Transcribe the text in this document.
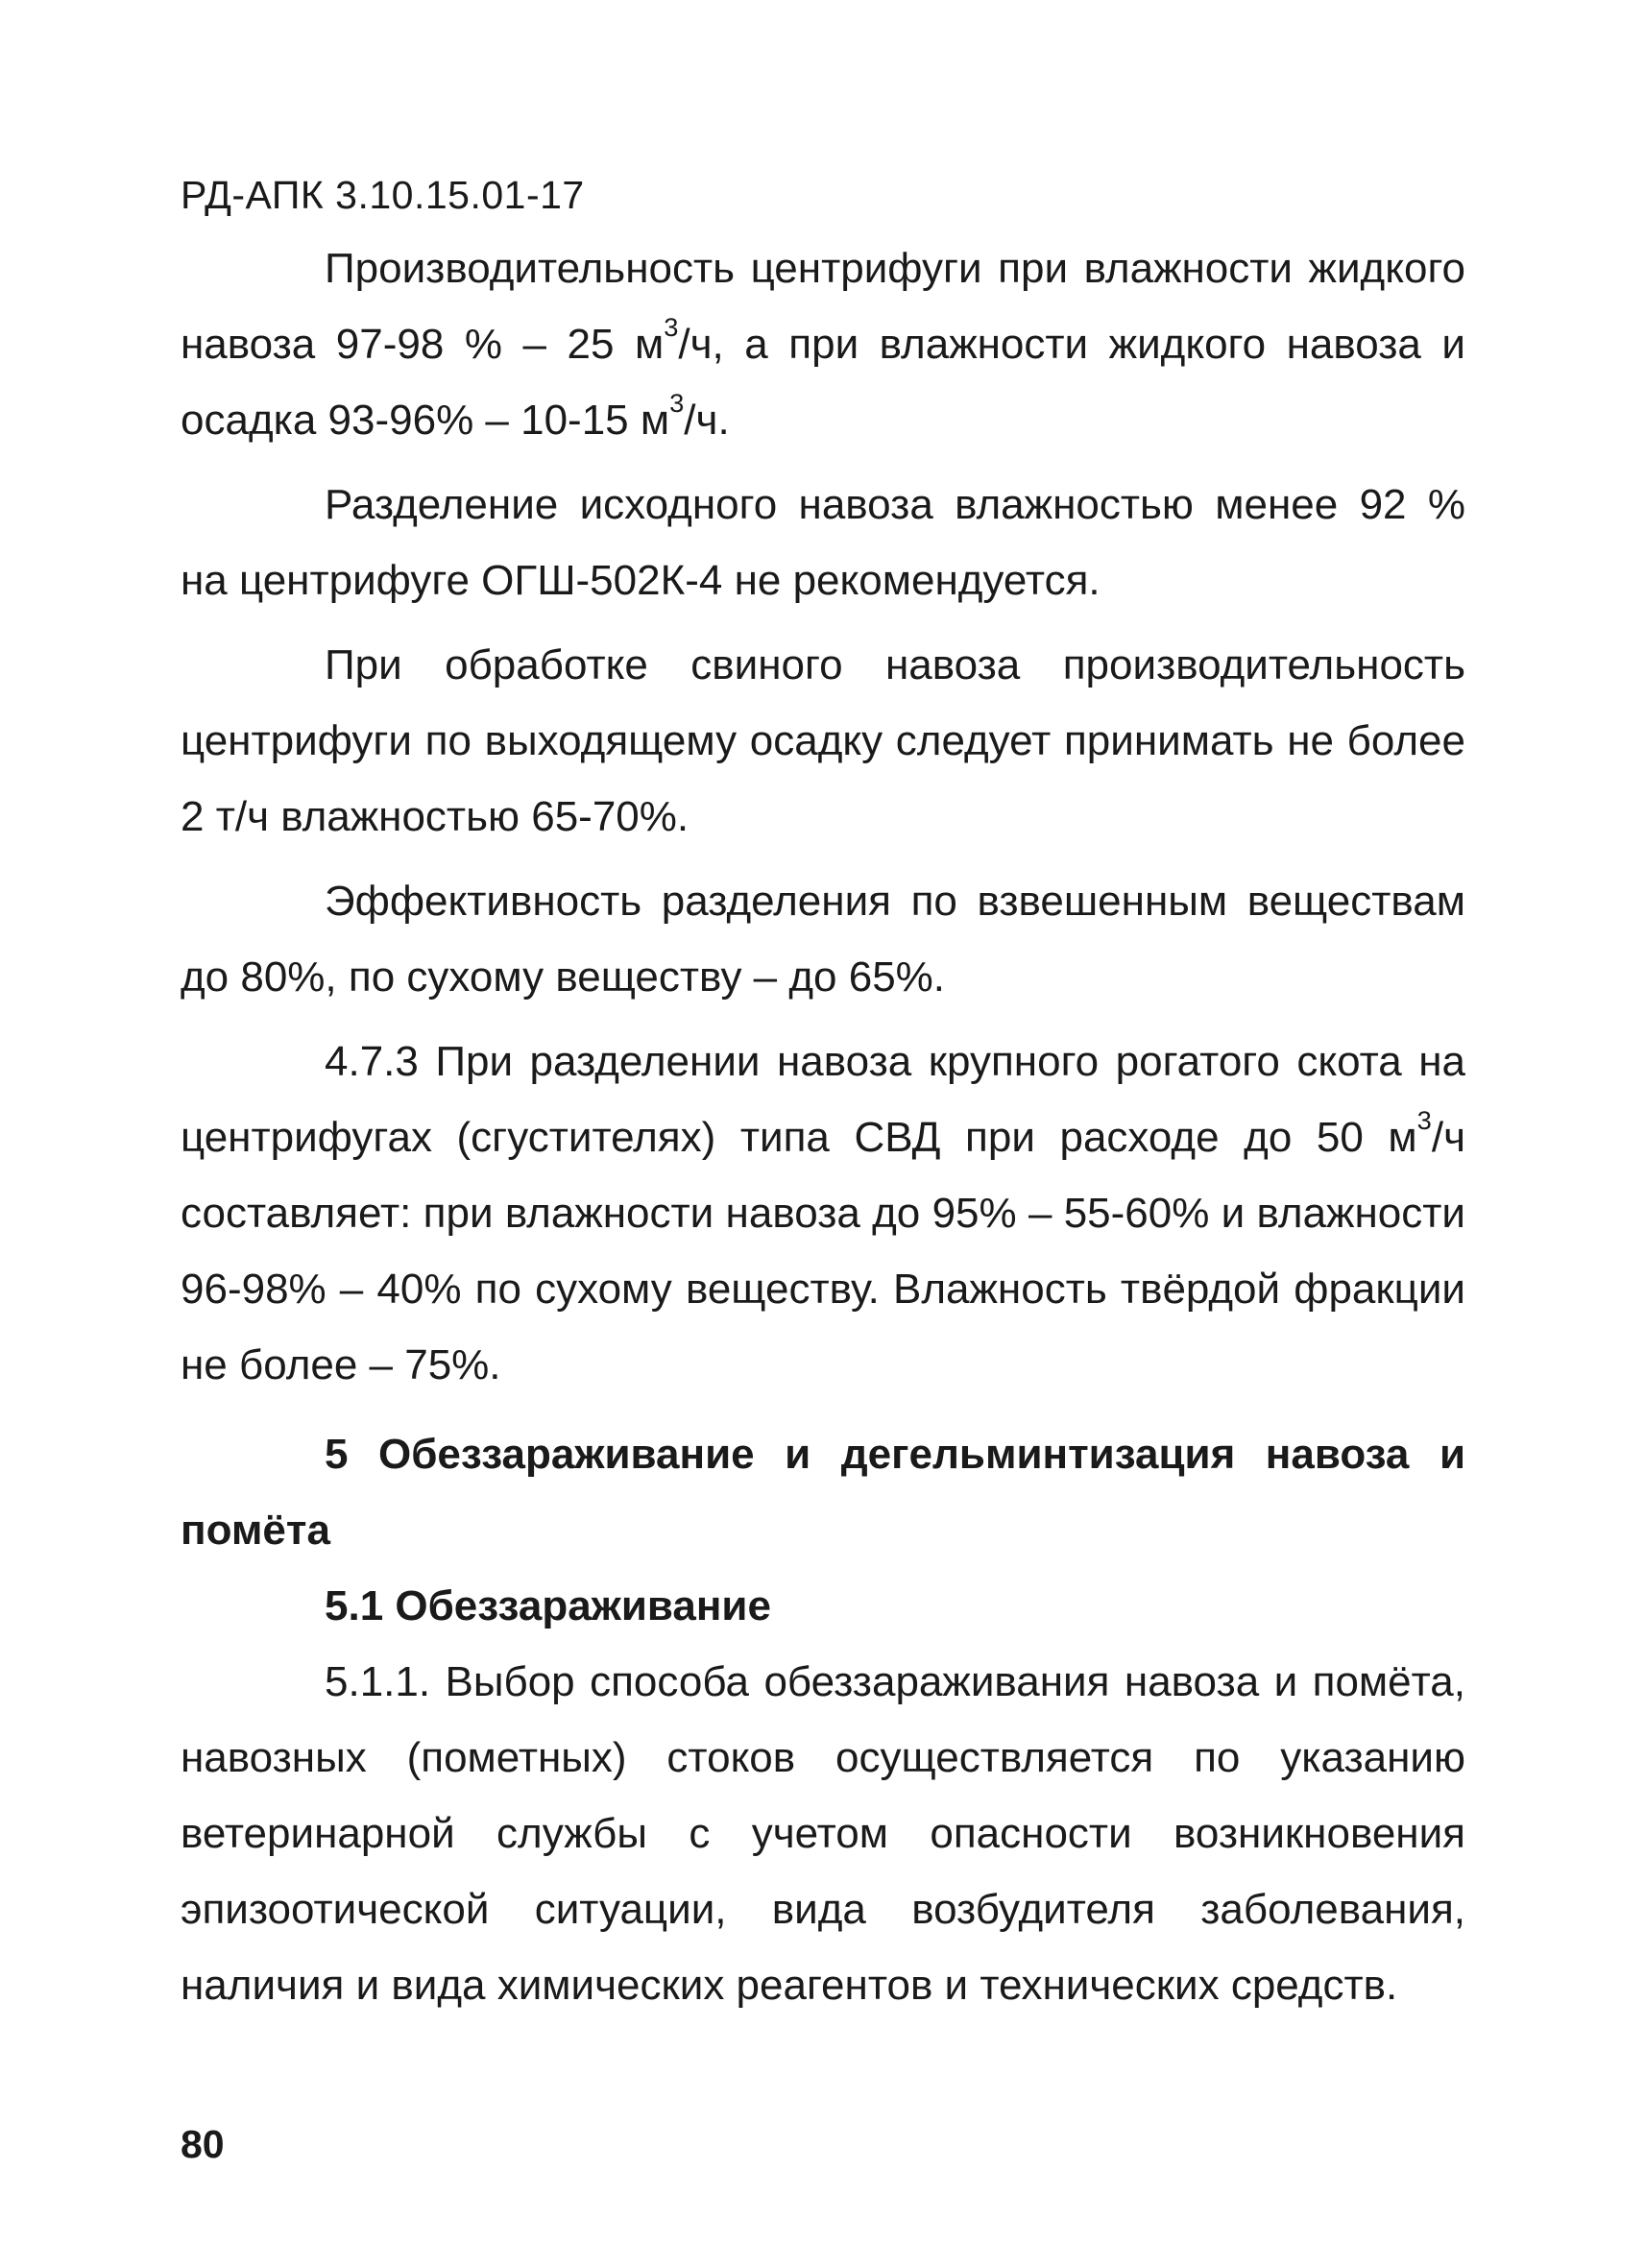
РД-АПК 3.10.15.01-17

Производительность центрифуги при влажности жидкого навоза 97-98 % – 25 $м^3/ч$, а при влажности жидкого навоза и осадка 93-96% – 10-15 $м^3/ч$.

Разделение исходного навоза влажностью менее 92 % на центрифуге ОГШ-502К-4 не рекомендуется.

При обработке свиного навоза производительность центрифуги по выходящему осадку следует принимать не более 2 т/ч влажностью 65-70%.

Эффективность разделения по взвешенным веществам до 80%, по сухому веществу – до 65%.

4.7.3 При разделении навоза крупного рогатого скота на центрифугах (сгустителях) типа СВД при расходе до 50 $м^3/ч$ составляет: при влажности навоза до 95% – 55-60% и влажности 96-98% – 40% по сухому веществу. Влажность твёрдой фракции не более – 75%.

5 Обеззараживание и дегельминтизация навоза и помёта
5.1 Обеззараживание

5.1.1. Выбор способа обеззараживания навоза и помёта, навозных (пометных) стоков осуществляется по указанию ветеринарной службы с учетом опасности возникновения эпизоотической ситуации, вида возбудителя заболевания, наличия и вида химических реагентов и технических средств.

80
